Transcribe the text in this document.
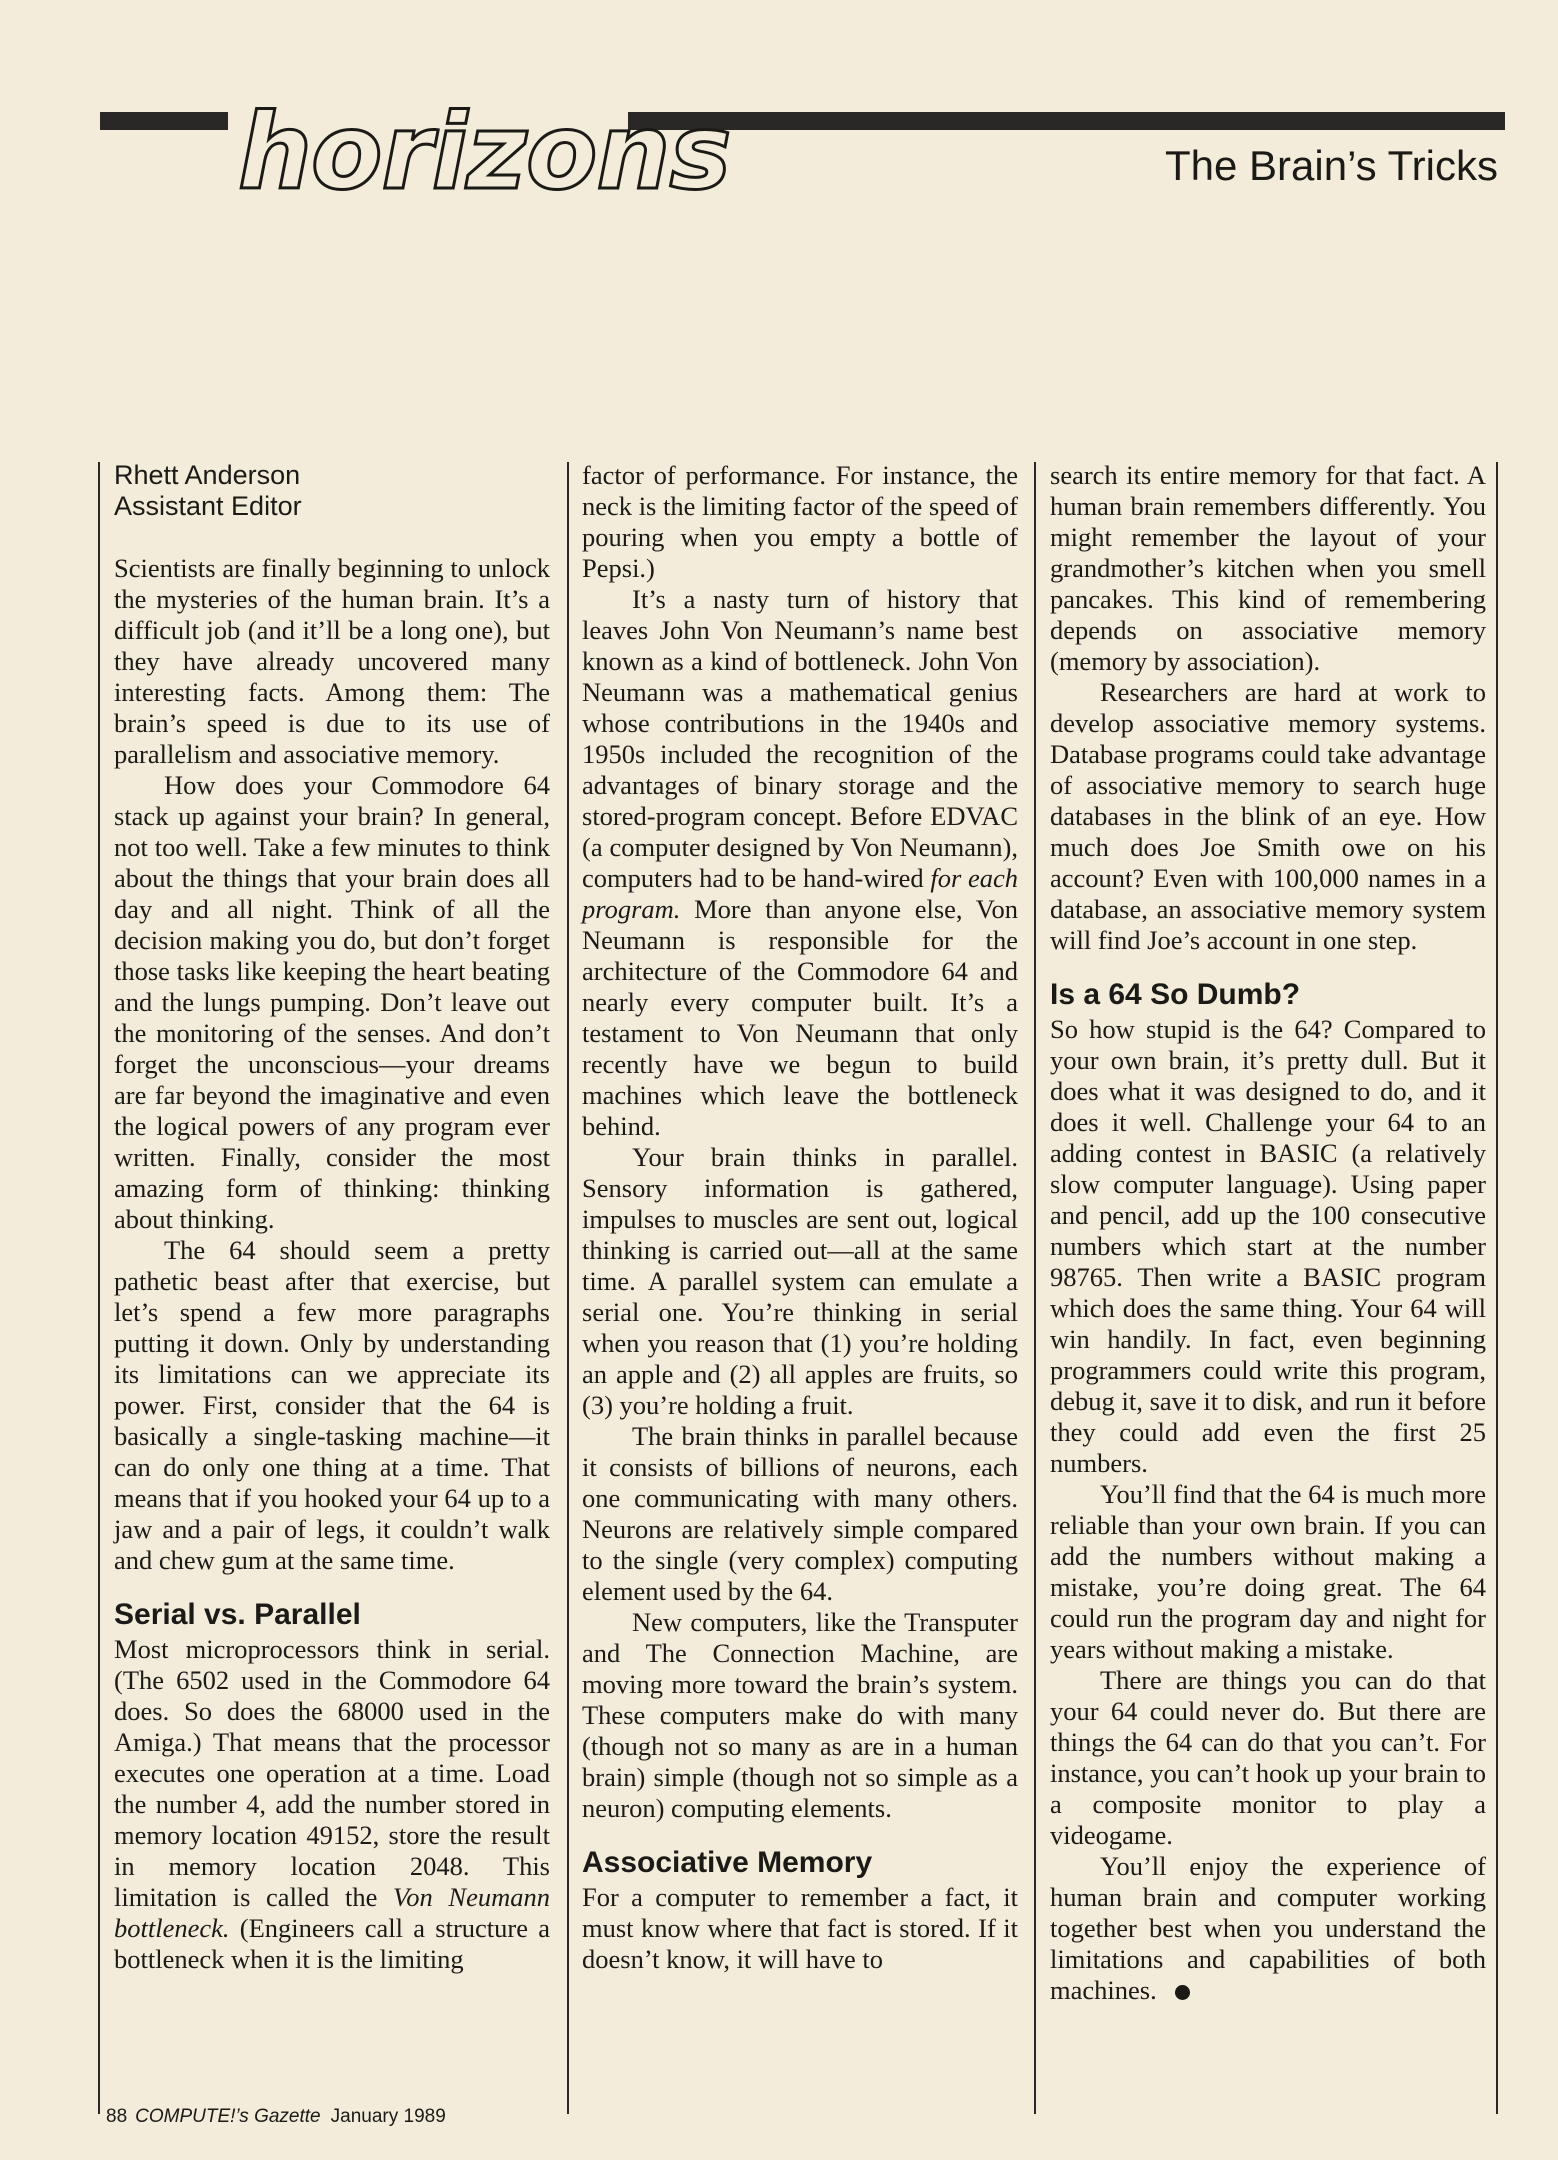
horizons	The Brain’s Tricks
Rhett Anderson
Assistant Editor

Scientists are finally beginning to unlock the mysteries of the human brain. It’s a difficult job (and it’ll be a long one), but they have already uncovered many interesting facts. Among them: The brain’s speed is due to its use of parallelism and associative memory.

How does your Commodore 64 stack up against your brain? In general, not too well. Take a few minutes to think about the things that your brain does all day and all night. Think of all the decision making you do, but don’t forget those tasks like keeping the heart beating and the lungs pumping. Don’t leave out the monitoring of the senses. And don’t forget the unconscious—your dreams are far beyond the imaginative and even the logical powers of any program ever written. Finally, consider the most amazing form of thinking: thinking about thinking.

The 64 should seem a pretty pathetic beast after that exercise, but let’s spend a few more paragraphs putting it down. Only by understanding its limitations can we appreciate its power. First, consider that the 64 is basically a single-tasking machine—it can do only one thing at a time. That means that if you hooked your 64 up to a jaw and a pair of legs, it couldn’t walk and chew gum at the same time.

Serial vs. Parallel

Most microprocessors think in serial. (The 6502 used in the Commodore 64 does. So does the 68000 used in the Amiga.) That means that the processor executes one operation at a time. Load the number 4, add the number stored in memory location 49152, store the result in memory location 2048. This limitation is called the Von Neumann bottleneck. (Engineers call a structure a bottleneck when it is the limiting

factor of performance. For instance, the neck is the limiting factor of the speed of pouring when you empty a bottle of Pepsi.)

It’s a nasty turn of history that leaves John Von Neumann’s name best known as a kind of bottleneck. John Von Neumann was a mathematical genius whose contributions in the 1940s and 1950s included the recognition of the advantages of binary storage and the stored-program concept. Before EDVAC (a computer designed by Von Neumann), computers had to be hand-wired for each program. More than anyone else, Von Neumann is responsible for the architecture of the Commodore 64 and nearly every computer built. It’s a testament to Von Neumann that only recently have we begun to build machines which leave the bottleneck behind.

Your brain thinks in parallel. Sensory information is gathered, impulses to muscles are sent out, logical thinking is carried out—all at the same time. A parallel system can emulate a serial one. You’re thinking in serial when you reason that (1) you’re holding an apple and (2) all apples are fruits, so (3) you’re holding a fruit.

The brain thinks in parallel because it consists of billions of neurons, each one communicating with many others. Neurons are relatively simple compared to the single (very complex) computing element used by the 64.

New computers, like the Transputer and The Connection Machine, are moving more toward the brain’s system. These computers make do with many (though not so many as are in a human brain) simple (though not so simple as a neuron) computing elements.

Associative Memory

For a computer to remember a fact, it must know where that fact is stored. If it doesn’t know, it will have to

search its entire memory for that fact. A human brain remembers differently. You might remember the layout of your grandmother’s kitchen when you smell pancakes. This kind of remembering depends on associative memory (memory by association).

Researchers are hard at work to develop associative memory systems. Database programs could take advantage of associative memory to search huge databases in the blink of an eye. How much does Joe Smith owe on his account? Even with 100,000 names in a database, an associative memory system will find Joe’s account in one step.

Is a 64 So Dumb?

So how stupid is the 64? Compared to your own brain, it’s pretty dull. But it does what it was designed to do, and it does it well. Challenge your 64 to an adding contest in BASIC (a relatively slow computer language). Using paper and pencil, add up the 100 consecutive numbers which start at the number 98765. Then write a BASIC program which does the same thing. Your 64 will win handily. In fact, even beginning programmers could write this program, debug it, save it to disk, and run it before they could add even the first 25 numbers.

You’ll find that the 64 is much more reliable than your own brain. If you can add the numbers without making a mistake, you’re doing great. The 64 could run the program day and night for years without making a mistake.

There are things you can do that your 64 could never do. But there are things the 64 can do that you can’t. For instance, you can’t hook up your brain to a composite monitor to play a videogame.

You’ll enjoy the experience of human brain and computer working together best when you understand the limitations and capabilities of both machines.

88 COMPUTE!’s Gazette January 1989
